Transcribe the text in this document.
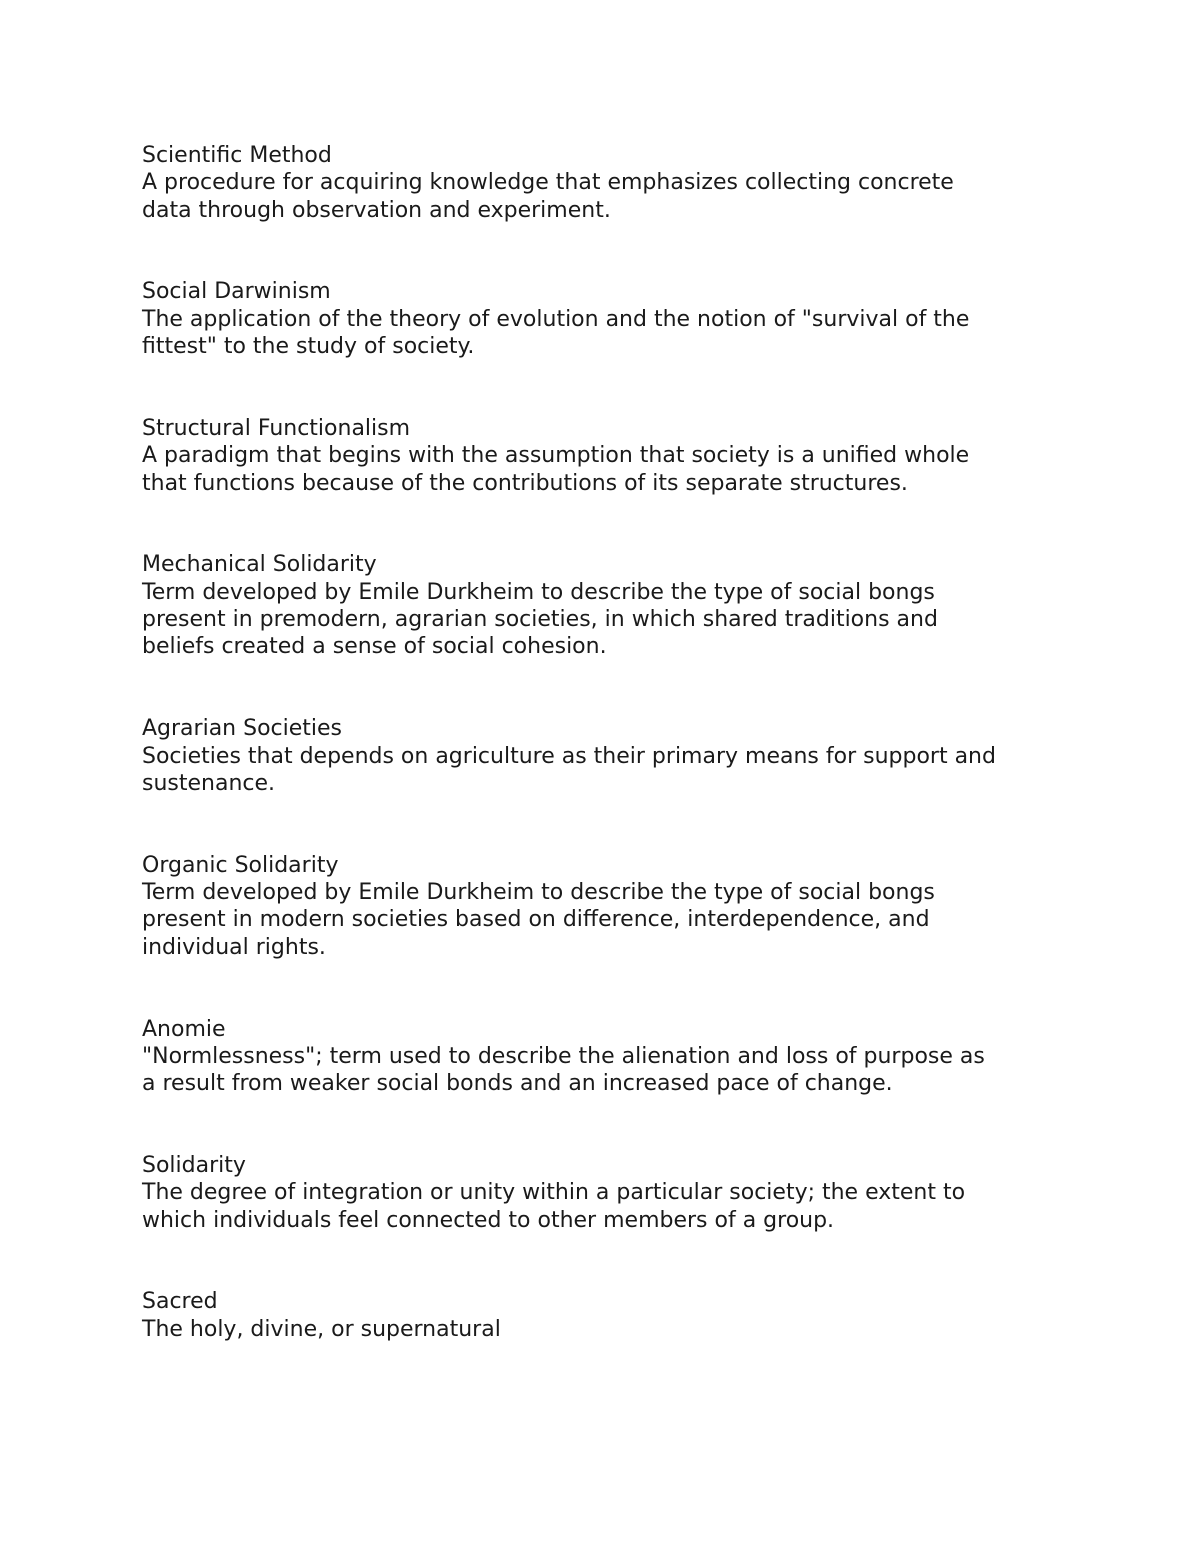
Scientific Method
A procedure for acquiring knowledge that emphasizes collecting concrete
data through observation and experiment.
Social Darwinism
The application of the theory of evolution and the notion of "survival of the
fittest" to the study of society.
Structural Functionalism
A paradigm that begins with the assumption that society is a unified whole
that functions because of the contributions of its separate structures.
Mechanical Solidarity
Term developed by Emile Durkheim to describe the type of social bongs
present in premodern, agrarian societies, in which shared traditions and
beliefs created a sense of social cohesion.
Agrarian Societies
Societies that depends on agriculture as their primary means for support and
sustenance.
Organic Solidarity
Term developed by Emile Durkheim to describe the type of social bongs
present in modern societies based on difference, interdependence, and
individual rights.
Anomie
"Normlessness"; term used to describe the alienation and loss of purpose as
a result from weaker social bonds and an increased pace of change.
Solidarity
The degree of integration or unity within a particular society; the extent to
which individuals feel connected to other members of a group.
Sacred
The holy, divine, or supernatural
